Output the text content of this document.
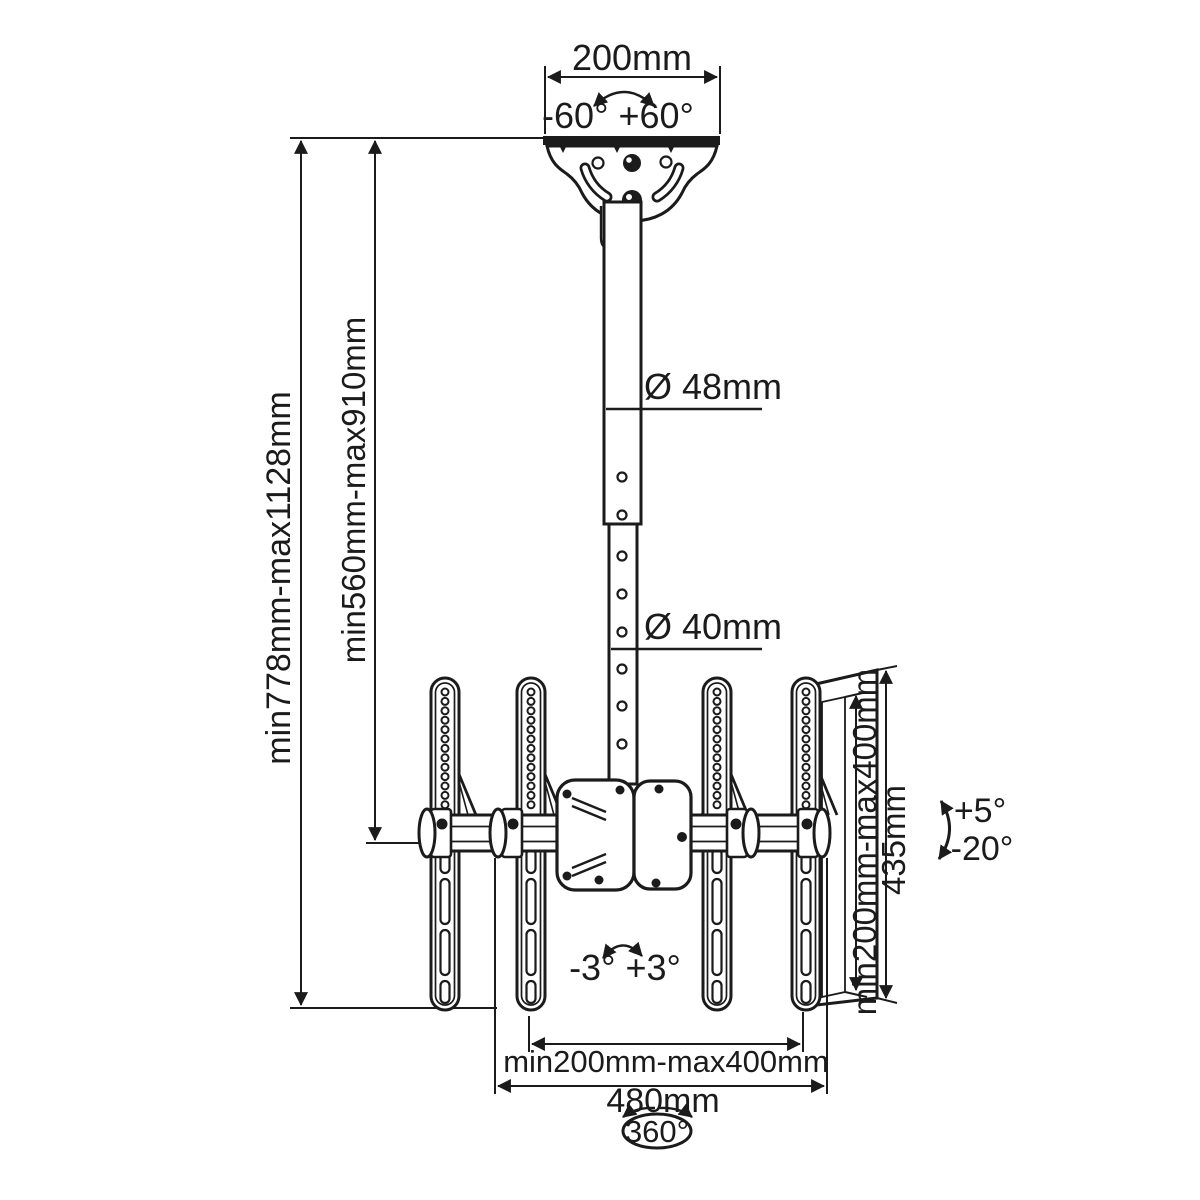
min778mm-max1128mm min560mm-max910mm
200mm
-60° +60°
Ø 48mm
Ø 40mm
-3° +3°	min200mm-max400mm
435mm +5°
-20°
min200mm-max400mm
480mm
360°
